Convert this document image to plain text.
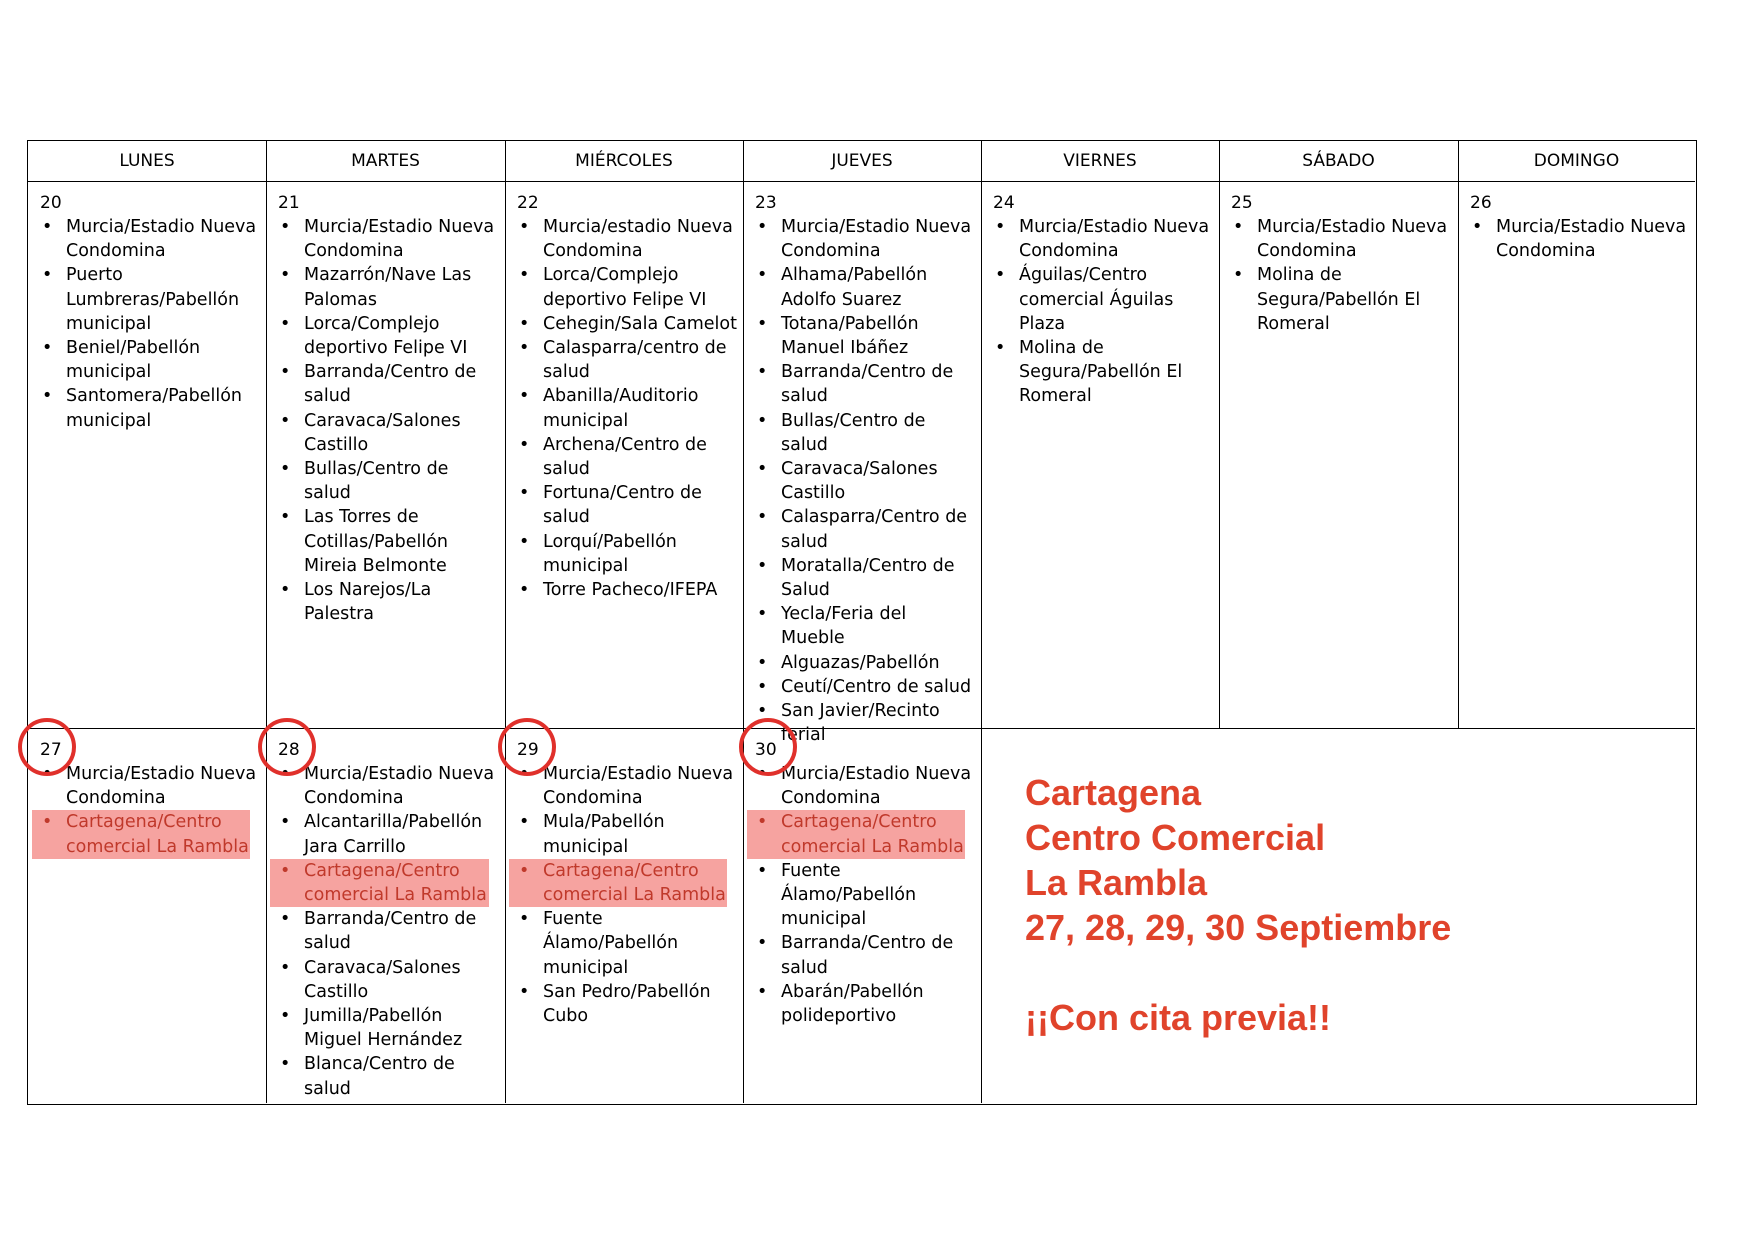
LUNES	MARTES	MIÉRCOLES	JUEVES	VIERNES	SÁBADO	DOMINGO
20
• Murcia/Estadio Nueva Condomina
• Puerto Lumbreras/Pabellón municipal
• Beniel/Pabellón municipal
• Santomera/Pabellón municipal
21
• Murcia/Estadio Nueva Condomina
• Mazarrón/Nave Las Palomas
• Lorca/Complejo deportivo Felipe VI
• Barranda/Centro de salud
• Caravaca/Salones Castillo
• Bullas/Centro de salud
• Las Torres de Cotillas/Pabellón Mireia Belmonte
• Los Narejos/La Palestra
22
• Murcia/estadio Nueva Condomina
• Lorca/Complejo deportivo Felipe VI
• Cehegin/Sala Camelot
• Calasparra/centro de salud
• Abanilla/Auditorio municipal
• Archena/Centro de salud
• Fortuna/Centro de salud
• Lorquí/Pabellón municipal
• Torre Pacheco/IFEPA
23
• Murcia/Estadio Nueva Condomina
• Alhama/Pabellón Adolfo Suarez
• Totana/Pabellón Manuel Ibáñez
• Barranda/Centro de salud
• Bullas/Centro de salud
• Caravaca/Salones Castillo
• Calasparra/Centro de salud
• Moratalla/Centro de Salud
• Yecla/Feria del Mueble
• Alguazas/Pabellón
• Ceutí/Centro de salud
• San Javier/Recinto ferial
24
• Murcia/Estadio Nueva Condomina
• Águilas/Centro comercial Águilas Plaza
• Molina de Segura/Pabellón El Romeral
25
• Murcia/Estadio Nueva Condomina
• Molina de Segura/Pabellón El Romeral
26
• Murcia/Estadio Nueva Condomina
27
• Murcia/Estadio Nueva Condomina
• Cartagena/Centro comercial La Rambla
28
• Murcia/Estadio Nueva Condomina
• Alcantarilla/Pabellón Jara Carrillo
• Cartagena/Centro comercial La Rambla
• Barranda/Centro de salud
• Caravaca/Salones Castillo
• Jumilla/Pabellón Miguel Hernández
• Blanca/Centro de salud
29
• Murcia/Estadio Nueva Condomina
• Mula/Pabellón municipal
• Cartagena/Centro comercial La Rambla
• Fuente Álamo/Pabellón municipal
• San Pedro/Pabellón Cubo
30
• Murcia/Estadio Nueva Condomina
• Cartagena/Centro comercial La Rambla
• Fuente Álamo/Pabellón municipal
• Barranda/Centro de salud
• Abarán/Pabellón polideportivo
Cartagena
Centro Comercial
La Rambla
27, 28, 29, 30 Septiembre
¡¡Con cita previa!!
